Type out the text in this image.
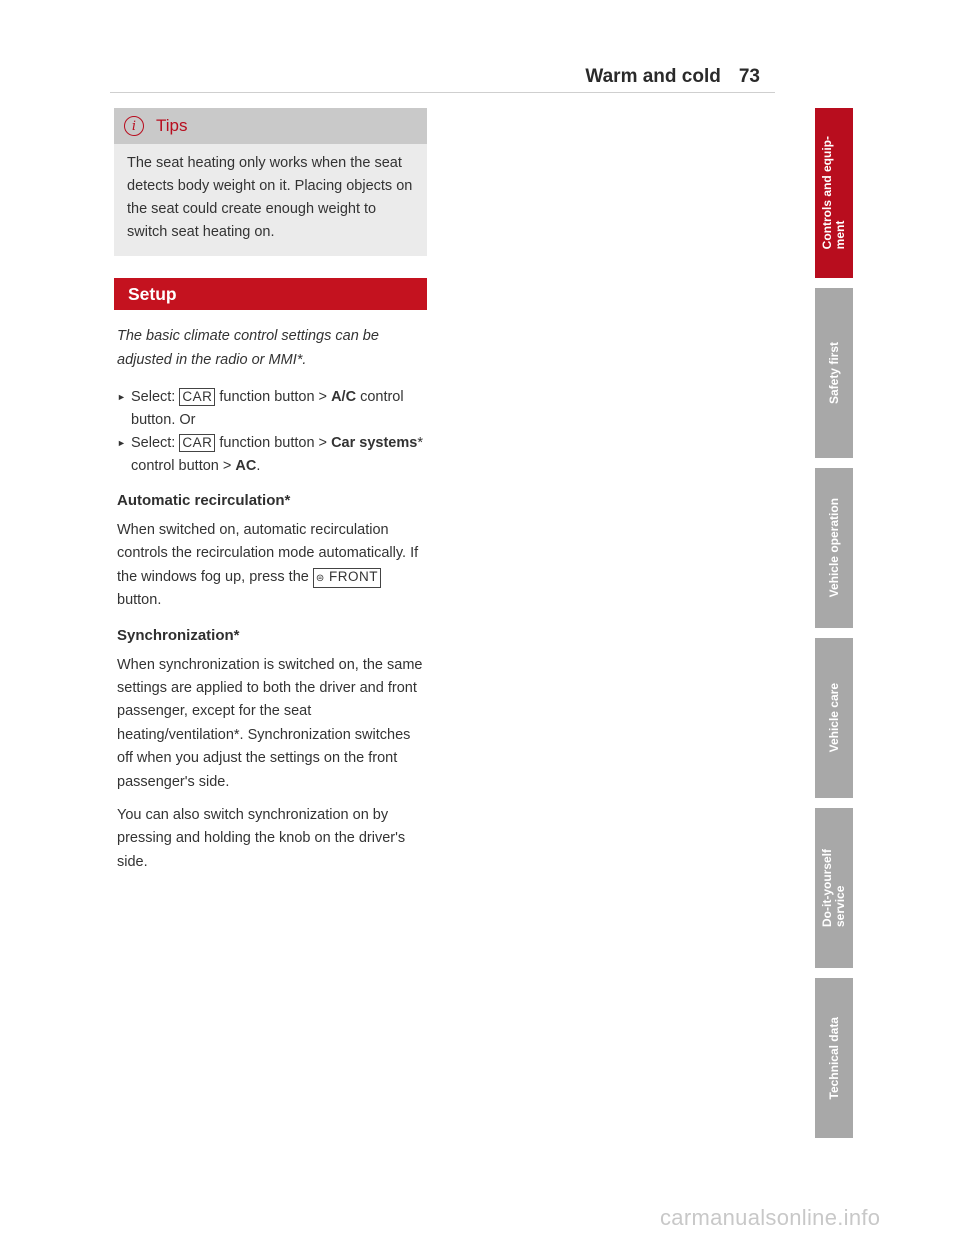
Warm and cold 73
i	Tips
The seat heating only works when the seat detects body weight on it. Placing objects on the seat could create enough weight to switch seat heating on.
Setup
The basic climate control settings can be adjusted in the radio or MMI*.
► Select: CAR function button > A/C control button. Or
► Select: CAR function button > Car systems* control button > AC.
Automatic recirculation*
When switched on, automatic recirculation controls the recirculation mode automatically. If the windows fog up, press the ⊜ FRONT button.
Synchronization*
When synchronization is switched on, the same settings are applied to both the driver and front passenger, except for the seat heating/ventilation*. Synchronization switches off when you adjust the settings on the front passenger's side.
You can also switch synchronization on by pressing and holding the knob on the driver's side.
Controls and equip-
ment
Safety first
Vehicle operation
Vehicle care
Do-it-yourself
service
Technical data
carmanualsonline.info
